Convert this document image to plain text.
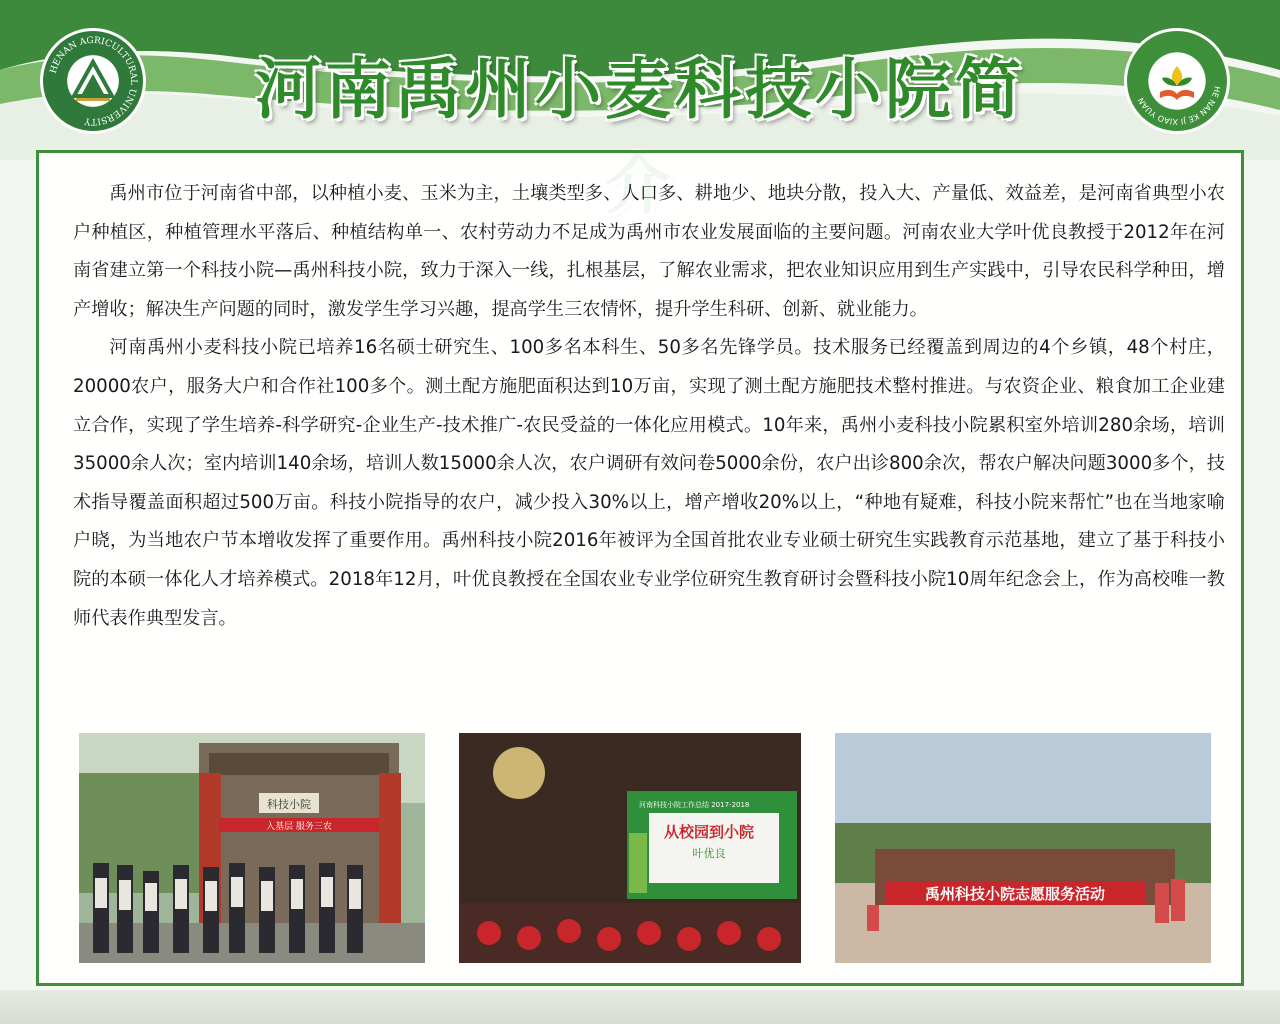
HENAN AGRICULTURAL UNIVERSITY
HE NAN KE JI XIAO YUAN
河南禹州小麦科技小院简

禹州市位于河南省中部，以种植小麦、玉米为主，土壤类型多、人口多、耕地少、地块分散，投入大、产量低、效益差，是河南省典型小农户种植区，种植管理水平落后、种植结构单一、农村劳动力不足成为禹州市农业发展面临的主要问题。河南农业大学叶优良教授于2012年在河南省建立第一个科技小院—禹州科技小院，致力于深入一线，扎根基层，了解农业需求，把农业知识应用到生产实践中，引导农民科学种田，增产增收；解决生产问题的同时，激发学生学习兴趣，提高学生三农情怀，提升学生科研、创新、就业能力。

河南禹州小麦科技小院已培养16名硕士研究生、100多名本科生、50多名先锋学员。技术服务已经覆盖到周边的4个乡镇，48个村庄，20000农户，服务大户和合作社100多个。测土配方施肥面积达到10万亩，实现了测土配方施肥技术整村推进。与农资企业、粮食加工企业建立合作，实现了学生培养-科学研究-企业生产-技术推广-农民受益的一体化应用模式。10年来，禹州小麦科技小院累积室外培训280余场，培训35000余人次；室内培训140余场，培训人数15000余人次，农户调研有效问卷5000余份，农户出诊800余次，帮农户解决问题3000多个，技术指导覆盖面积超过500万亩。科技小院指导的农户，减少投入30%以上，增产增收20%以上，“种地有疑难，科技小院来帮忙”也在当地家喻户晓，为当地农户节本增收发挥了重要作用。禹州科技小院2016年被评为全国首批农业专业硕士研究生实践教育示范基地，建立了基于科技小院的本硕一体化人才培养模式。2018年12月，叶优良教授在全国农业专业学位研究生教育研讨会暨科技小院10周年纪念会上，作为高校唯一教师代表作典型发言。

科技小院
入基层 服务三农
河南科技小院工作总结 2017-2018
从校园到小院
叶优良
禹州科技小院志愿服务活动
